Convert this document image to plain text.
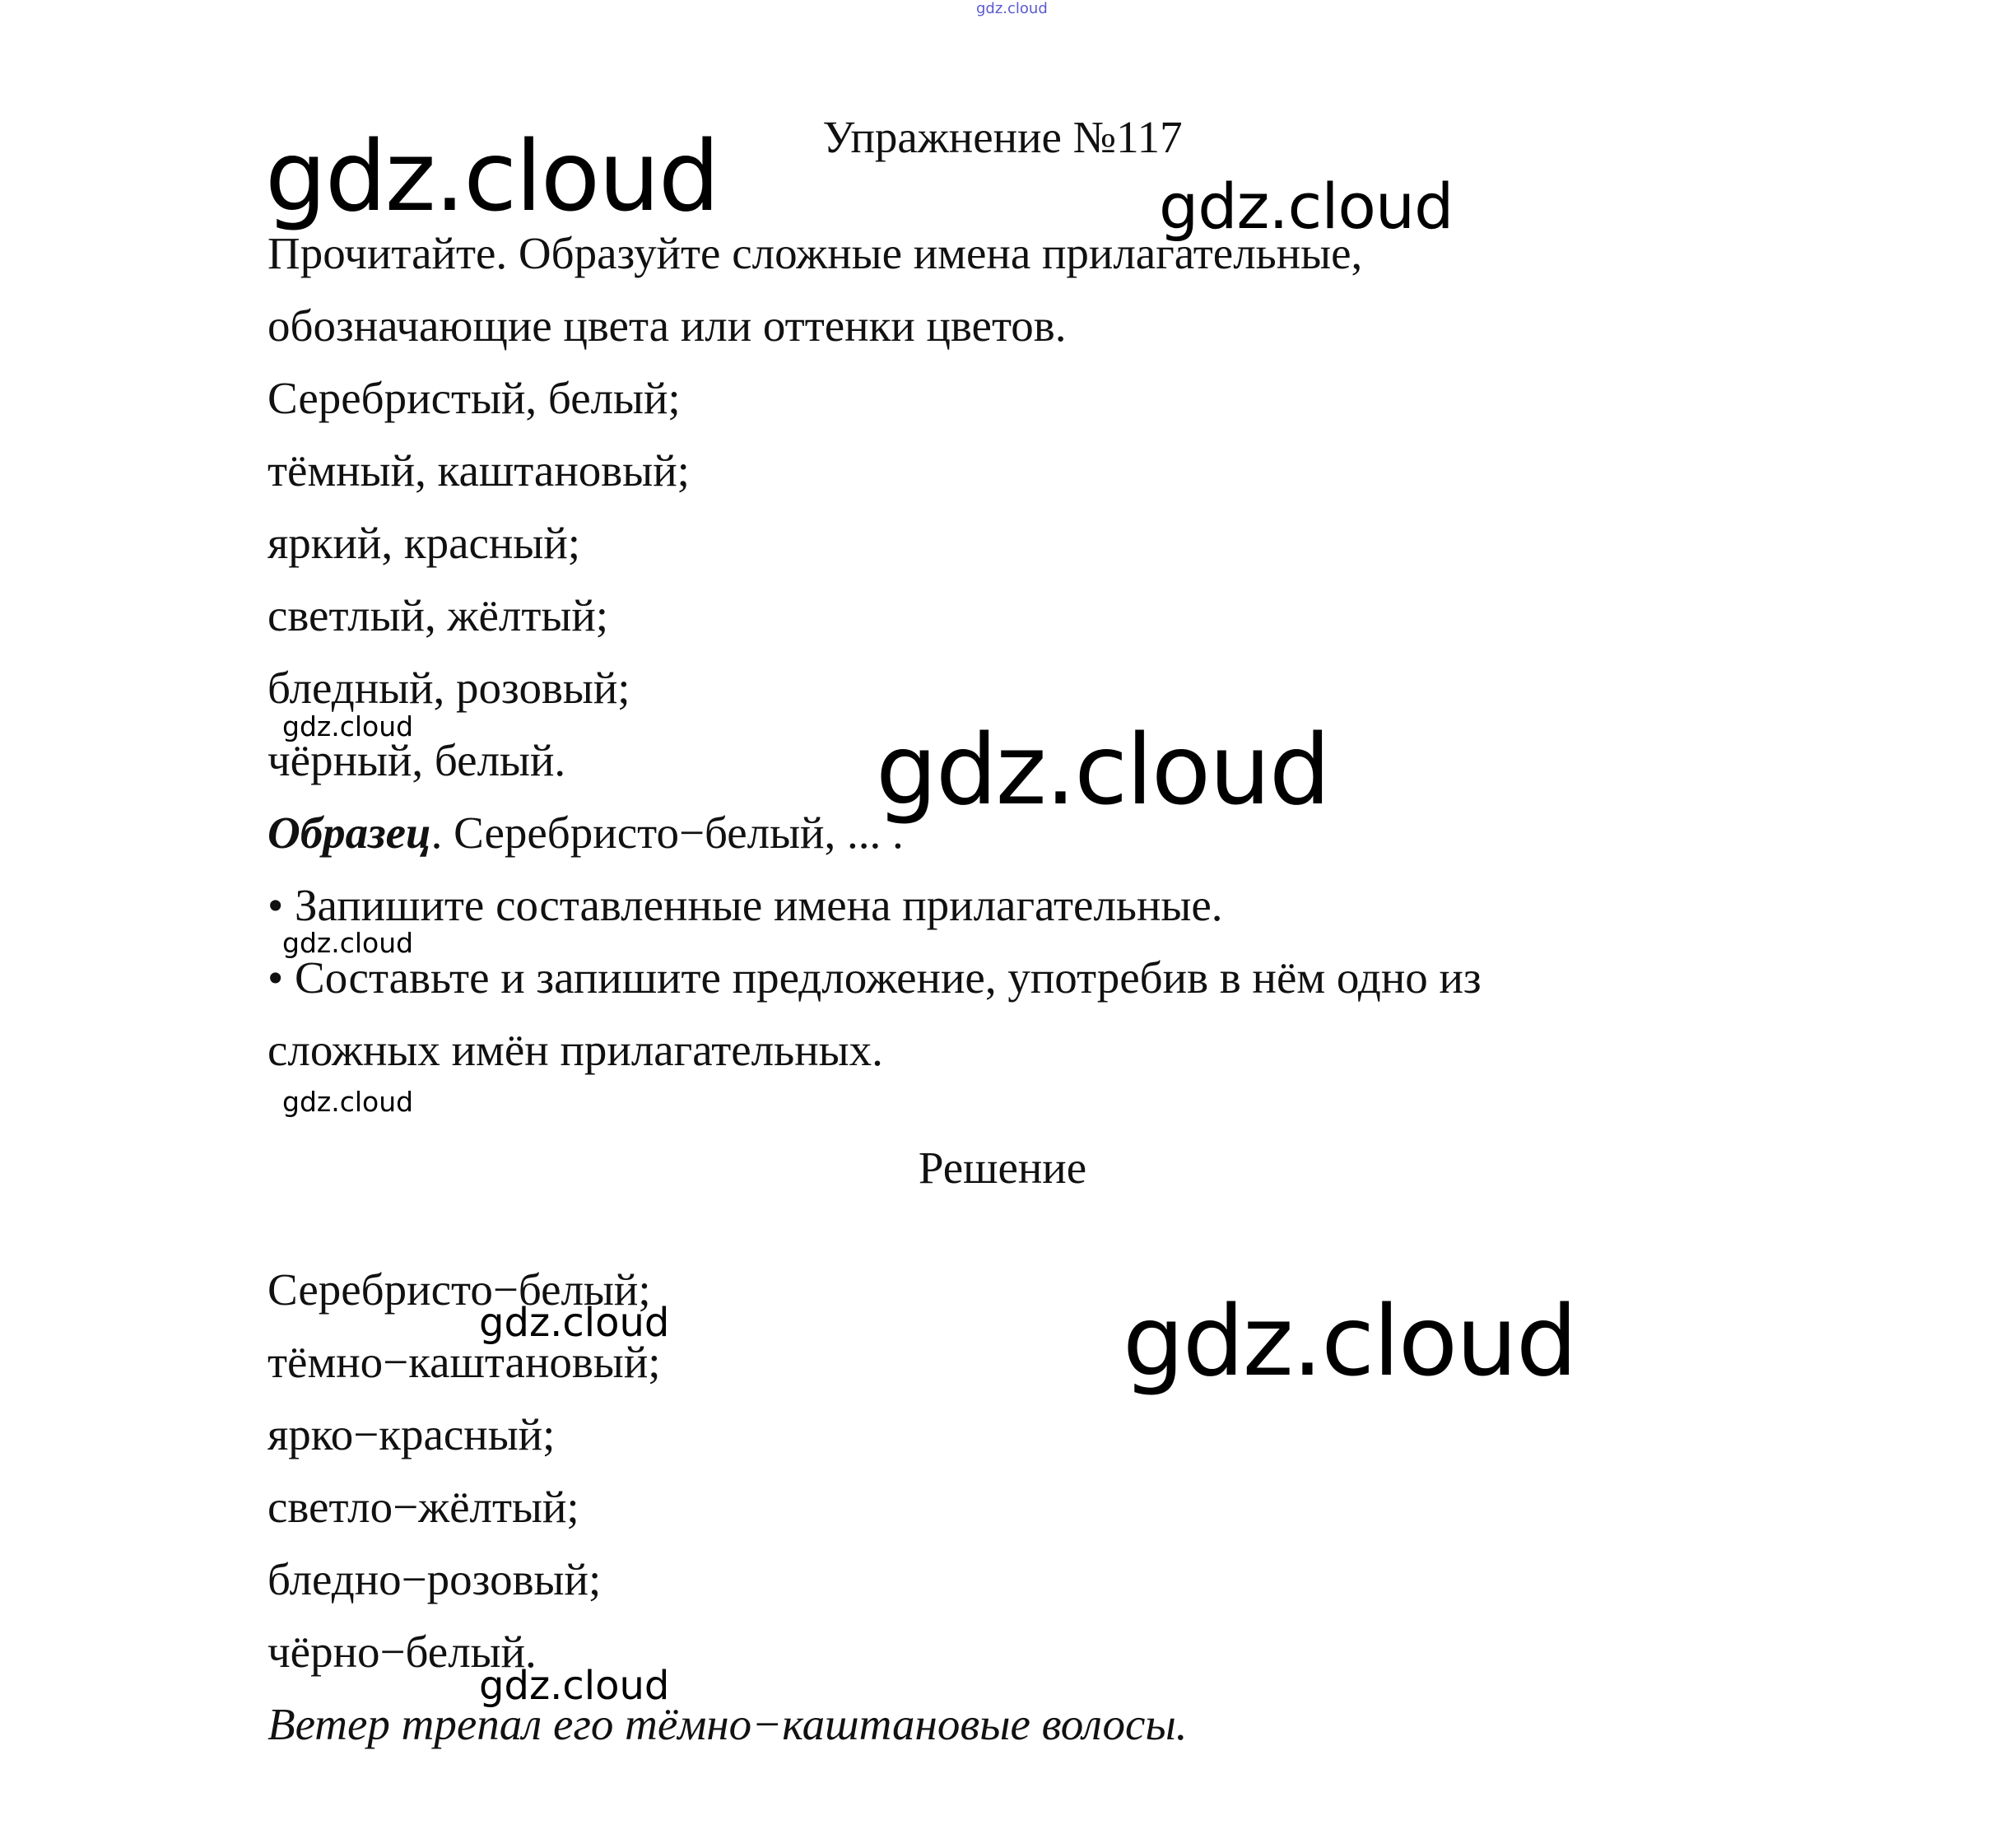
Упражнение №117
Прочитайте. Образуйте сложные имена прилагательные,
обозначающие цвета или оттенки цветов.
Серебристый, белый;
тёмный, каштановый;
яркий, красный;
светлый, жёлтый;
бледный, розовый;
чёрный, белый.
Образец. Серебристо−белый, ... .
• Запишите составленные имена прилагательные.
• Составьте и запишите предложение, употребив в нём одно из
сложных имён прилагательных.
Решение
Серебристо−белый;
тёмно−каштановый;
ярко−красный;
светло−жёлтый;
бледно−розовый;
чёрно−белый.
Ветер трепал его тёмно−каштановые волосы.
gdz.cloud
gdz.cloud	gdz.cloud
gdz.cloud	gdz.cloud
gdz.cloud
gdz.cloud
gdz.cloud	gdz.cloud
gdz.cloud
